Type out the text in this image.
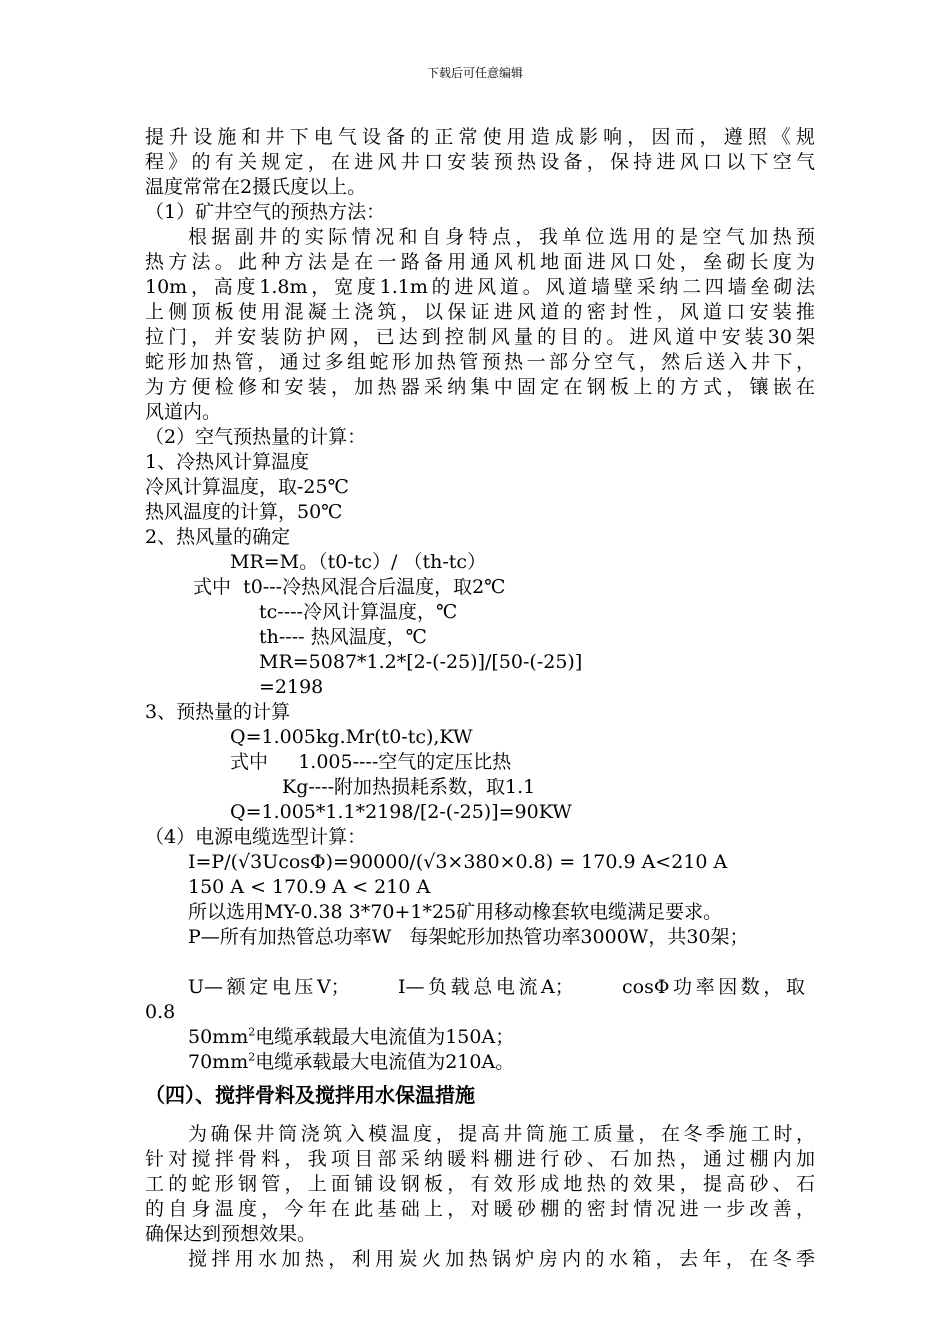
下载后可任意编辑
提升设施和井下电气设备的正常使用造成影响，因而，遵照《规
程》的有关规定，在进风井口安装预热设备，保持进风口以下空气
温度常常在2摄氏度以上。
（1）矿井空气的预热方法：
根据副井的实际情况和自身特点，我单位选用的是空气加热预
热方法。此种方法是在一路备用通风机地面进风口处，垒砌长度为
10m，高度1.8m，宽度1.1m的进风道。风道墙壁采纳二四墙垒砌法
上侧顶板使用混凝土浇筑，以保证进风道的密封性，风道口安装推
拉门，并安装防护网，已达到控制风量的目的。进风道中安装30架
蛇形加热管，通过多组蛇形加热管预热一部分空气，然后送入井下，
为方便检修和安装，加热器采纳集中固定在钢板上的方式，镶嵌在
风道内。
（2）空气预热量的计算：
1、冷热风计算温度
冷风计算温度，取-25℃
热风温度的计算，50℃
2、热风量的确定
MR=M。（t0-tc）/ （th-tc）
式中  t0---冷热风混合后温度，取2℃
tc----冷风计算温度，℃
th---- 热风温度，℃
MR=5087*1.2*[2-(-25)]/[50-(-25)]
=2198
3、预热量的计算
Q=1.005kg.Mr(t0-tc),KW
式中     1.005----空气的定压比热
Kg----附加热损耗系数，取1.1
Q=1.005*1.1*2198/[2-(-25)]=90KW
（4）电源电缆选型计算：
I=P/(√3UcosΦ)=90000/(√3×380×0.8) = 170.9 A<210 A
150 A < 170.9 A < 210 A
所以选用MY-0.38 3*70+1*25矿用移动橡套软电缆满足要求。
P—所有加热管总功率W   每架蛇形加热管功率3000W，共30架；
U—额定电压V；     I—负载总电流A；     cosΦ功率因数，取
0.8
$50mm^2$电缆承载最大电流值为150A；
$70mm^2$电缆承载最大电流值为210A。
（四）、搅拌骨料及搅拌用水保温措施
为确保井筒浇筑入模温度，提高井筒施工质量，在冬季施工时，
针对搅拌骨料，我项目部采纳暖料棚进行砂、石加热，通过棚内加
工的蛇形钢管，上面铺设钢板，有效形成地热的效果，提高砂、石
的自身温度，今年在此基础上，对暖砂棚的密封情况进一步改善，
确保达到预想效果。
搅拌用水加热，利用炭火加热锅炉房内的水箱，去年，在冬季
